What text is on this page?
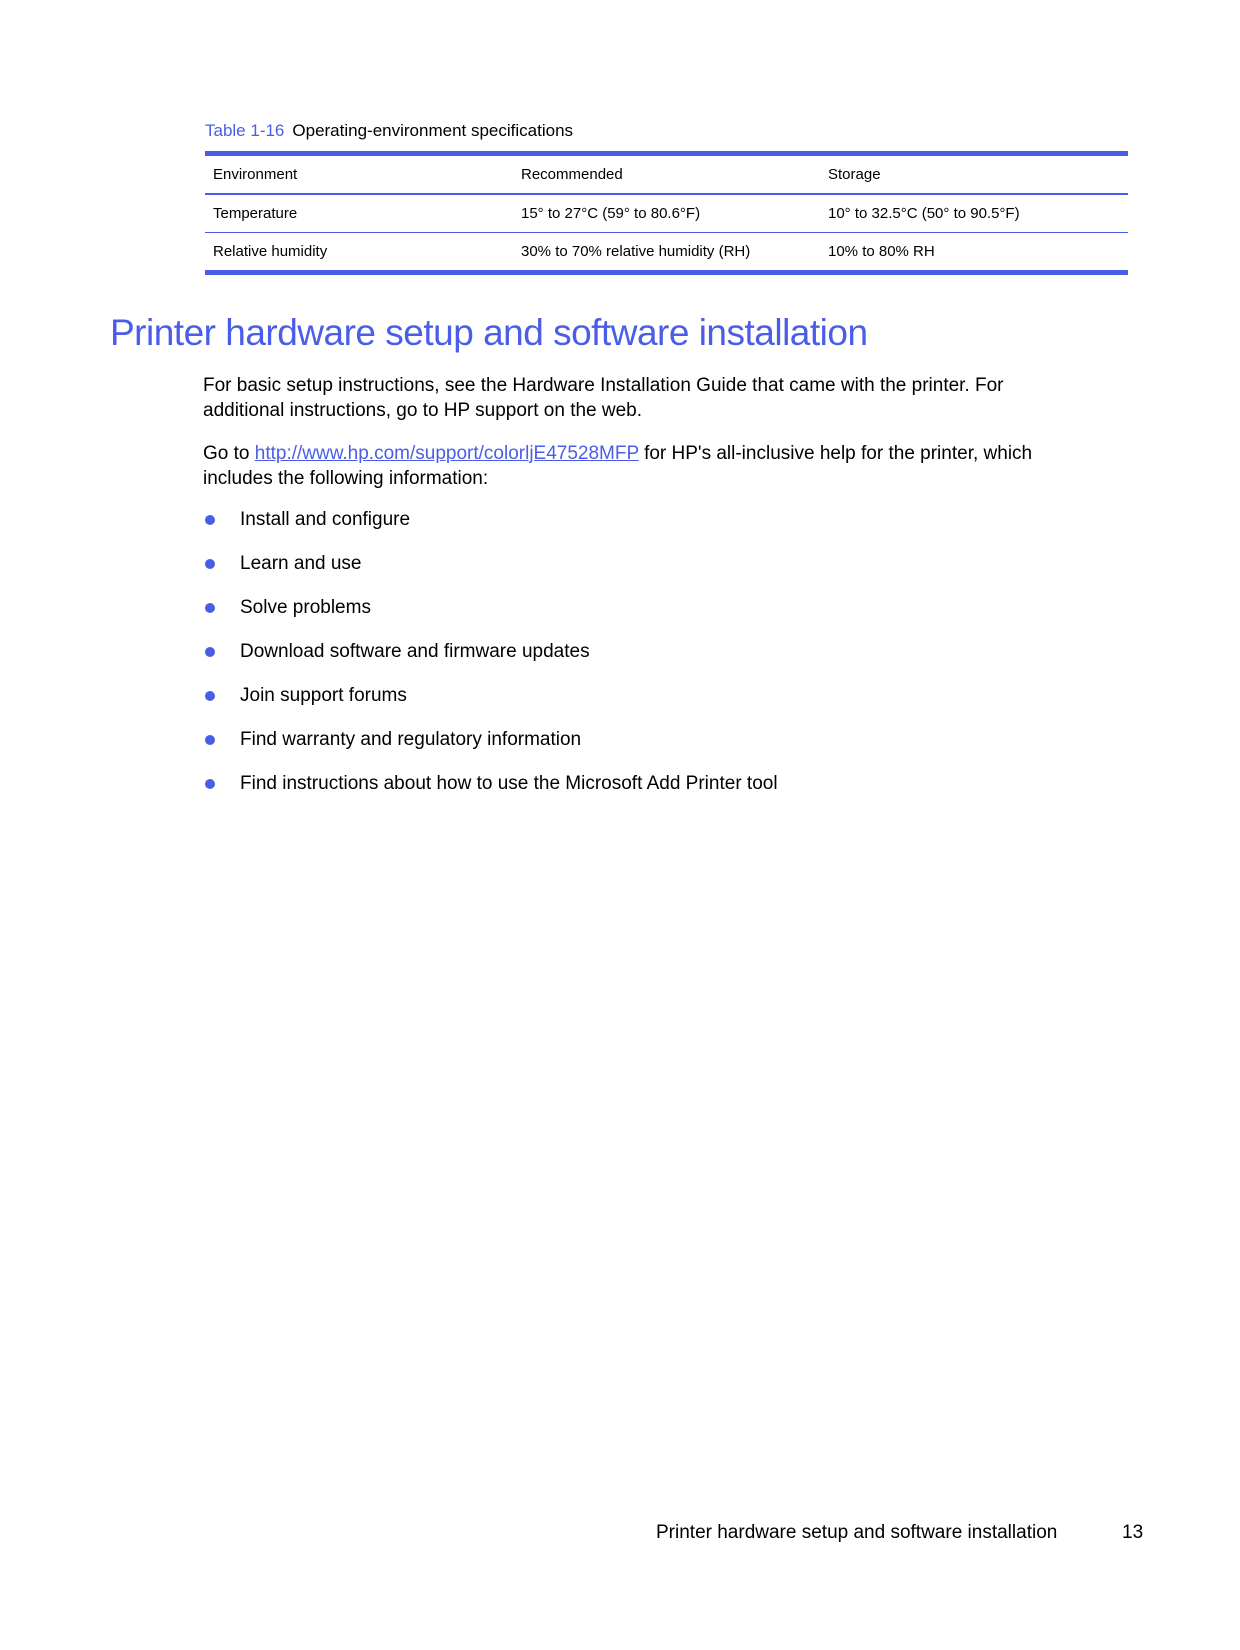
Table 1-16 Operating-environment specifications
Environment	Recommended	Storage
Temperature	15° to 27°C (59° to 80.6°F)	10° to 32.5°C (50° to 90.5°F)
Relative humidity	30% to 70% relative humidity (RH)	10% to 80% RH
Printer hardware setup and software installation

For basic setup instructions, see the Hardware Installation Guide that came with the printer. For additional instructions, go to HP support on the web.

Go to http://www.hp.com/support/colorljE47528MFP for HP's all-inclusive help for the printer, which includes the following information:

Install and configure
Learn and use
Solve problems
Download software and firmware updates
Join support forums
Find warranty and regulatory information
Find instructions about how to use the Microsoft Add Printer tool
Printer hardware setup and software installation	13
